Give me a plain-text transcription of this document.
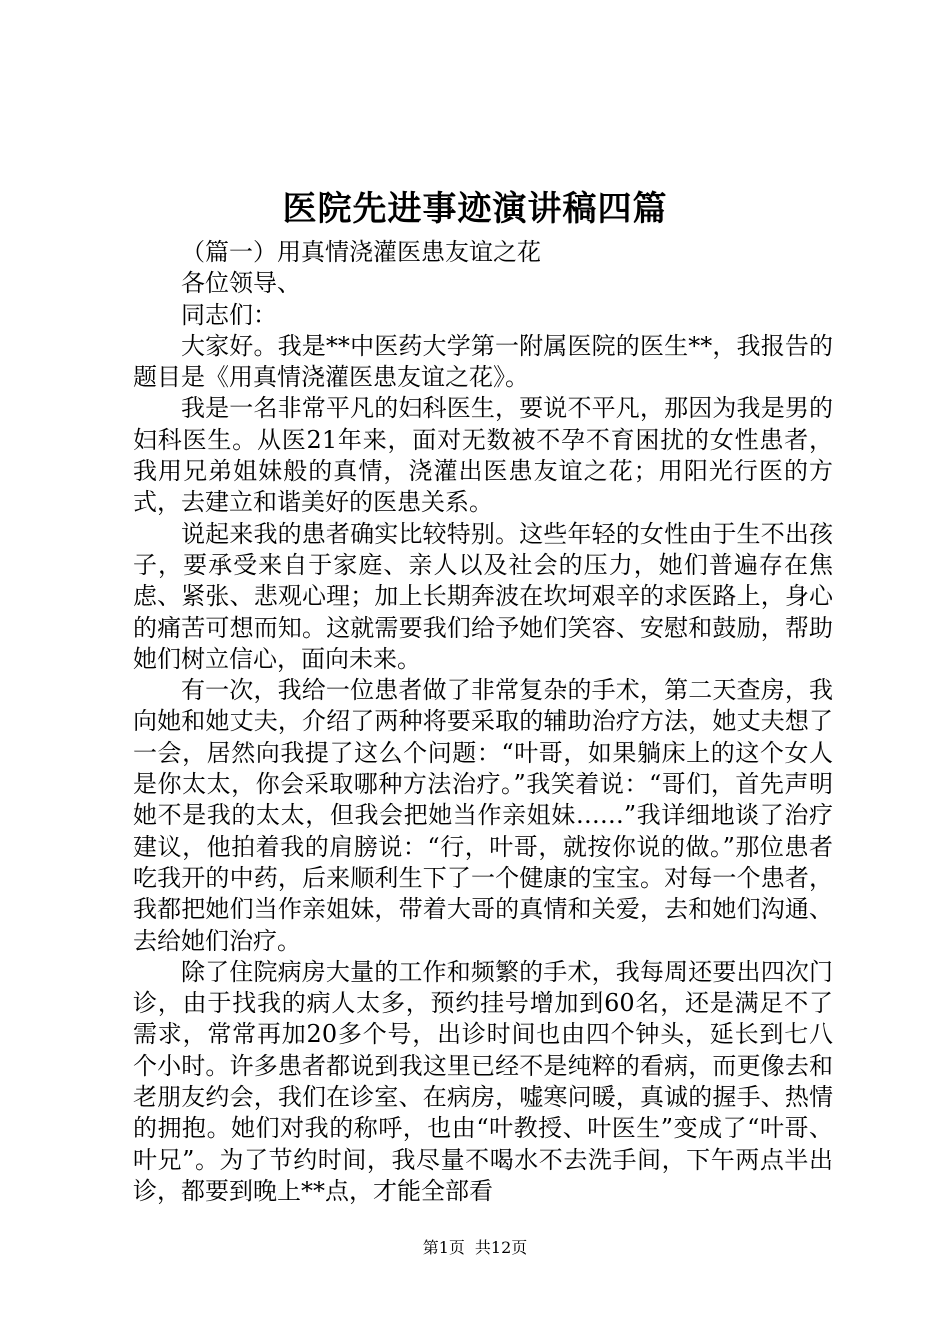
医院先进事迹演讲稿四篇

（篇一）用真情浇灌医患友谊之花

各位领导、

同志们：

大家好。我是**中医药大学第一附属医院的医生**，我报告的题目是《用真情浇灌医患友谊之花》。

我是一名非常平凡的妇科医生，要说不平凡，那因为我是男的妇科医生。从医21年来，面对无数被不孕不育困扰的女性患者，我用兄弟姐妹般的真情，浇灌出医患友谊之花；用阳光行医的方式，去建立和谐美好的医患关系。

说起来我的患者确实比较特别。这些年轻的女性由于生不出孩子，要承受来自于家庭、亲人以及社会的压力，她们普遍存在焦虑、紧张、悲观心理；加上长期奔波在坎坷艰辛的求医路上，身心的痛苦可想而知。这就需要我们给予她们笑容、安慰和鼓励，帮助她们树立信心，面向未来。

有一次，我给一位患者做了非常复杂的手术，第二天查房，我向她和她丈夫，介绍了两种将要采取的辅助治疗方法，她丈夫想了一会，居然向我提了这么个问题：“叶哥，如果躺床上的这个女人是你太太，你会采取哪种方法治疗。”我笑着说：“哥们，首先声明她不是我的太太，但我会把她当作亲姐妹……”我详细地谈了治疗建议，他拍着我的肩膀说：“行，叶哥，就按你说的做。”那位患者吃我开的中药，后来顺利生下了一个健康的宝宝。对每一个患者，我都把她们当作亲姐妹，带着大哥的真情和关爱，去和她们沟通、去给她们治疗。

除了住院病房大量的工作和频繁的手术，我每周还要出四次门诊，由于找我的病人太多，预约挂号增加到60名，还是满足不了需求，常常再加20多个号，出诊时间也由四个钟头，延长到七八个小时。许多患者都说到我这里已经不是纯粹的看病，而更像去和老朋友约会，我们在诊室、在病房，嘘寒问暖，真诚的握手、热情的拥抱。她们对我的称呼，也由“叶教授、叶医生”变成了“叶哥、叶兄”。为了节约时间，我尽量不喝水不去洗手间，下午两点半出诊，都要到晚上**点，才能全部看

第1页 共12页
